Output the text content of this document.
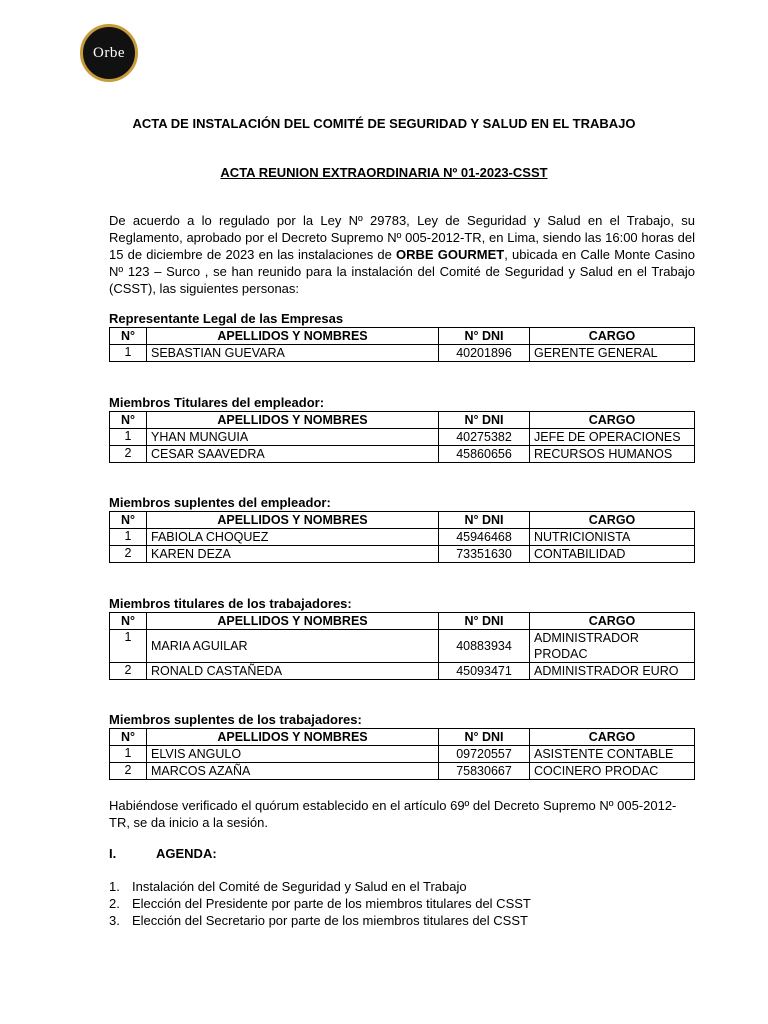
Orbe
ACTA DE INSTALACIÓN DEL COMITÉ DE SEGURIDAD Y SALUD EN EL TRABAJO
ACTA REUNION EXTRAORDINARIA Nº 01-2023-CSST
De acuerdo a lo regulado por la Ley Nº 29783, Ley de Seguridad y Salud en el Trabajo, su Reglamento, aprobado por el Decreto Supremo Nº 005-2012-TR, en Lima, siendo las 16:00 horas del 15 de diciembre de 2023 en las instalaciones de ORBE GOURMET, ubicada en Calle Monte Casino Nº 123 – Surco , se han reunido para la instalación del Comité de Seguridad y Salud en el Trabajo (CSST), las siguientes personas:
Representante Legal de las Empresas
N°	APELLIDOS Y NOMBRES	N° DNI	CARGO
1	SEBASTIAN GUEVARA	40201896	GERENTE GENERAL
Miembros Titulares del empleador:
N°	APELLIDOS Y NOMBRES	N° DNI	CARGO
1	YHAN MUNGUIA	40275382	JEFE DE OPERACIONES
2	CESAR SAAVEDRA	45860656	RECURSOS HUMANOS
Miembros suplentes del empleador:
N°	APELLIDOS Y NOMBRES	N° DNI	CARGO
1	FABIOLA CHOQUEZ	45946468	NUTRICIONISTA
2	KAREN DEZA	73351630	CONTABILIDAD
Miembros titulares de los trabajadores:
N°	APELLIDOS Y NOMBRES	N° DNI	CARGO
1	MARIA AGUILAR	40883934	ADMINISTRADOR PRODAC
2	RONALD CASTAÑEDA	45093471	ADMINISTRADOR EURO
Miembros suplentes de los trabajadores:
N°	APELLIDOS Y NOMBRES	N° DNI	CARGO
1	ELVIS ANGULO	09720557	ASISTENTE CONTABLE
2	MARCOS AZAÑA	75830667	COCINERO PRODAC
Habiéndose verificado el quórum establecido en el artículo 69º del Decreto Supremo Nº 005-2012-TR, se da inicio a la sesión.
I.	AGENDA:
1. Instalación del Comité de Seguridad y Salud en el Trabajo
2. Elección del Presidente por parte de los miembros titulares del CSST
3. Elección del Secretario por parte de los miembros titulares del CSST
